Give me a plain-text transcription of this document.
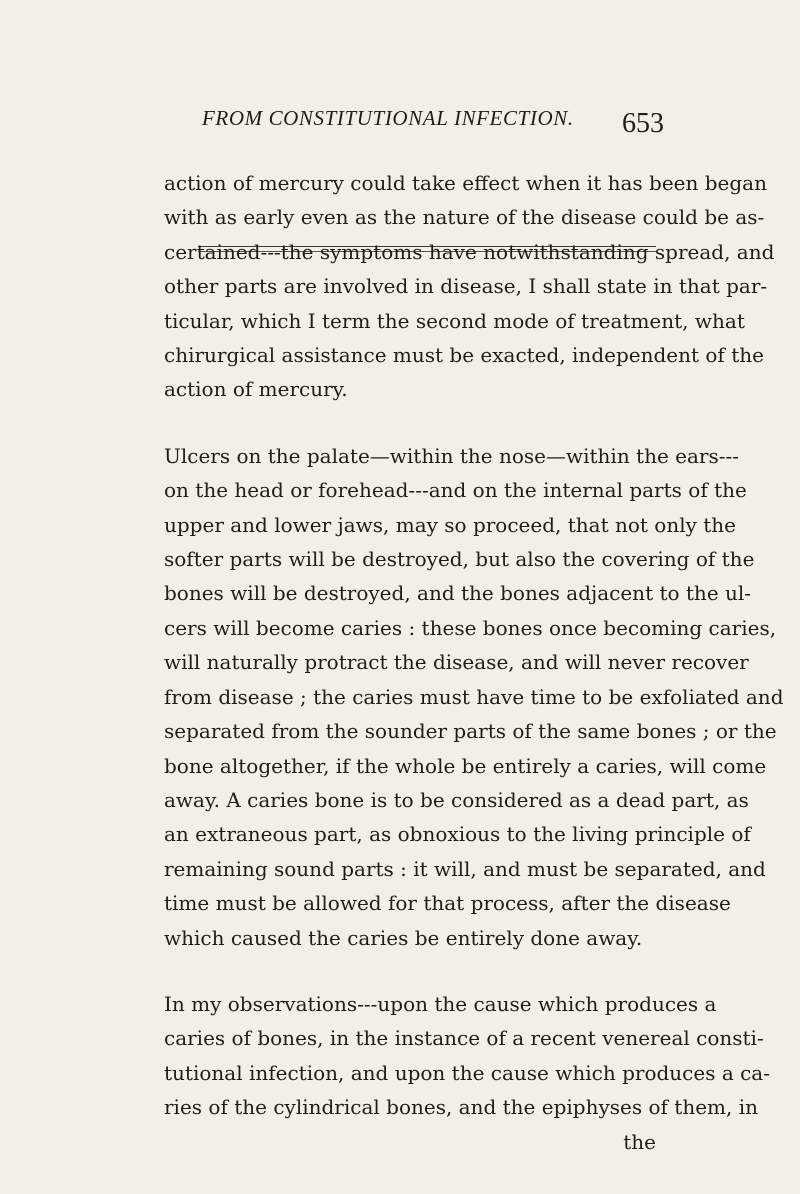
FROM CONSTITUTIONAL INFECTION. 653
action of mercury could take effect when it has been began
with as early even as the nature of the disease could be as-
certained---the symptoms have notwithstanding spread, and
other parts are involved in disease, I shall state in that par-
ticular, which I term the second mode of treatment, what
chirurgical assistance must be exacted, independent of the
action of mercury.
Ulcers on the palate—within the nose—within the ears---
on the head or forehead---and on the internal parts of the
upper and lower jaws, may so proceed, that not only the
softer parts will be destroyed, but also the covering of the
bones will be destroyed, and the bones adjacent to the ul-
cers will become caries : these bones once becoming caries,
will naturally protract the disease, and will never recover
from disease ; the caries must have time to be exfoliated and
separated from the sounder parts of the same bones ; or the
bone altogether, if the whole be entirely a caries, will come
away. A caries bone is to be considered as a dead part, as
an extraneous part, as obnoxious to the living principle of
remaining sound parts : it will, and must be separated, and
time must be allowed for that process, after the disease
which caused the caries be entirely done away.
In my observations---upon the cause which produces a
caries of bones, in the instance of a recent venereal consti-
tutional infection, and upon the cause which produces a ca-
ries of the cylindrical bones, and the epiphyses of them, in
the
